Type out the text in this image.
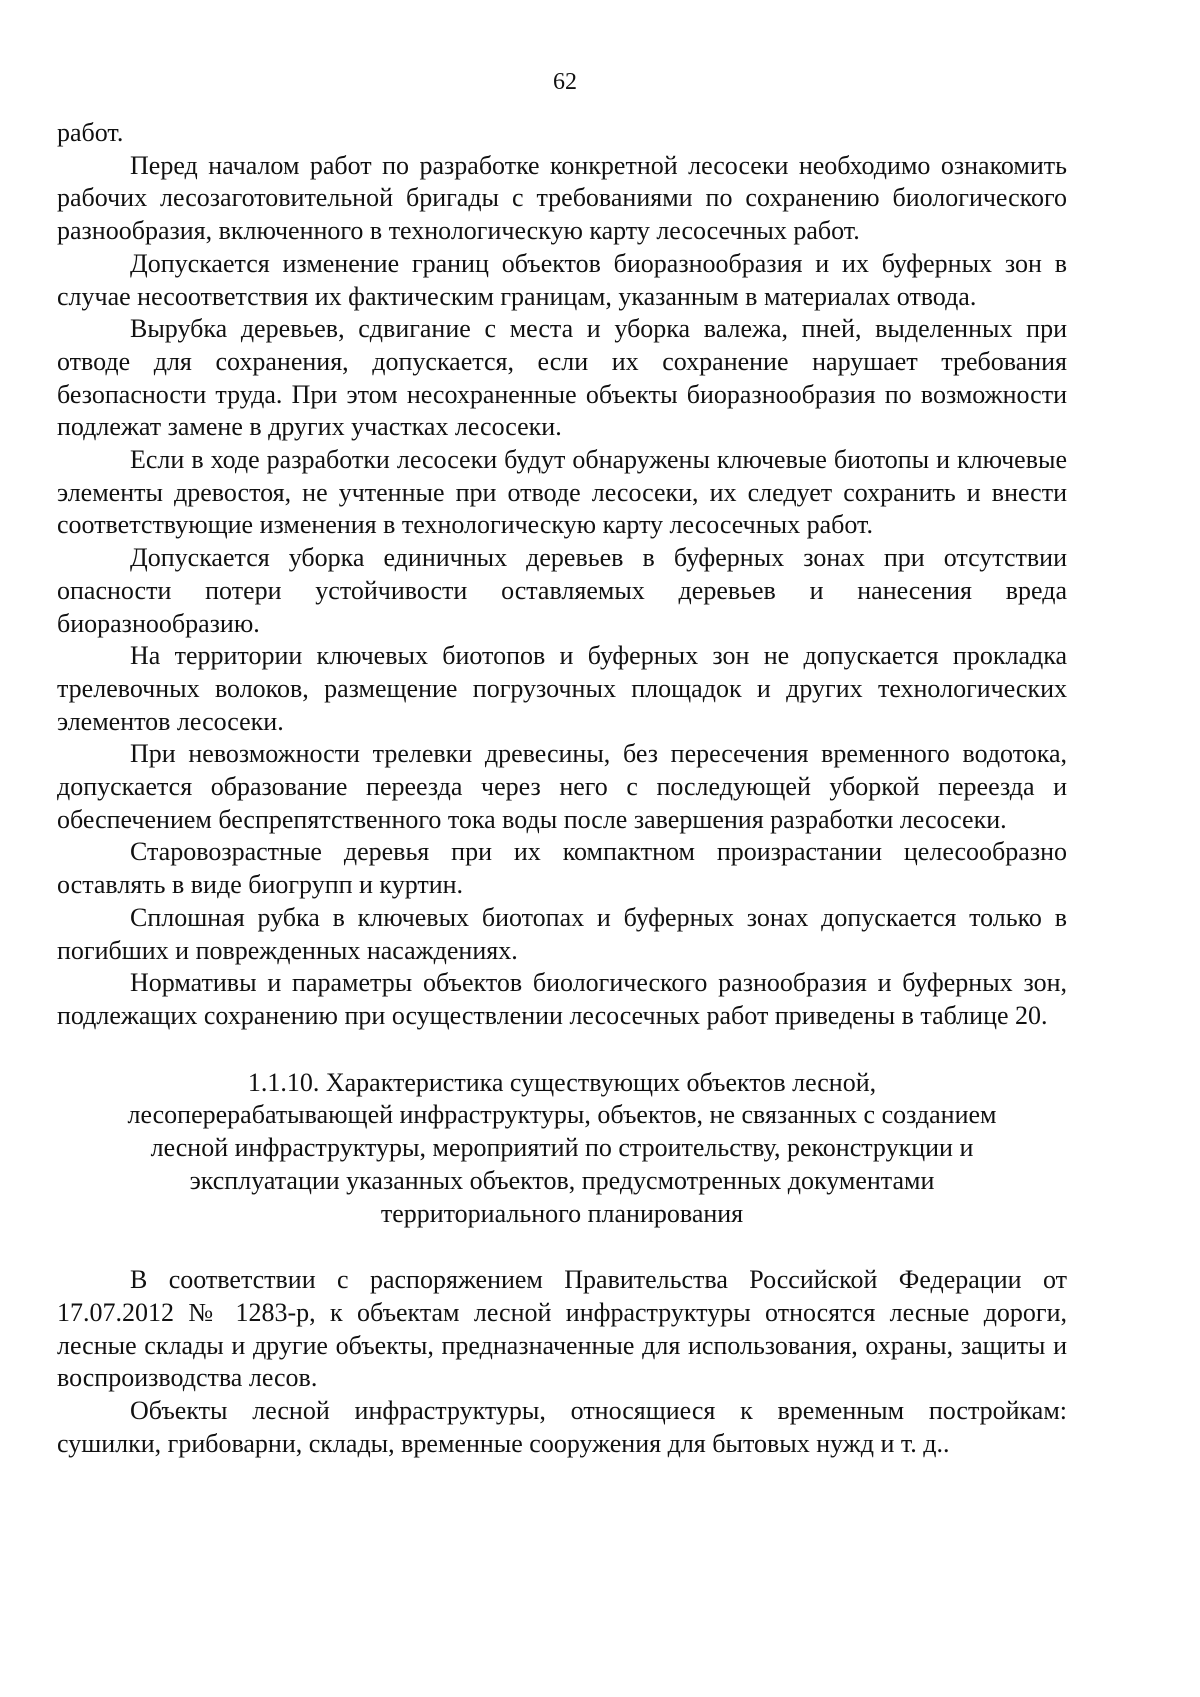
62

работ.

Перед началом работ по разработке конкретной лесосеки необходимо ознакомить рабочих лесозаготовительной бригады с требованиями по сохранению биологического разнообразия, включенного в технологическую карту лесосечных работ.

Допускается изменение границ объектов биоразнообразия и их буферных зон в случае несоответствия их фактическим границам, указанным в материалах отвода.

Вырубка деревьев, сдвигание с места и уборка валежа, пней, выделенных при отводе для сохранения, допускается, если их сохранение нарушает требования безопасности труда. При этом несохраненные объекты биоразнообразия по возможности подлежат замене в других участках лесосеки.

Если в ходе разработки лесосеки будут обнаружены ключевые биотопы и ключевые элементы древостоя, не учтенные при отводе лесосеки, их следует сохранить и внести соответствующие изменения в технологическую карту лесосечных работ.

Допускается уборка единичных деревьев в буферных зонах при отсутствии опасности потери устойчивости оставляемых деревьев и нанесения вреда биоразнообразию.

На территории ключевых биотопов и буферных зон не допускается прокладка трелевочных волоков, размещение погрузочных площадок и других технологических элементов лесосеки.

При невозможности трелевки древесины, без пересечения временного водотока, допускается образование переезда через него с последующей уборкой переезда и обеспечением беспрепятственного тока воды после завершения разработки лесосеки.

Старовозрастные деревья при их компактном произрастании целесообразно оставлять в виде биогрупп и куртин.

Сплошная рубка в ключевых биотопах и буферных зонах допускается только в погибших и поврежденных насаждениях.

Нормативы и параметры объектов биологического разнообразия и буферных зон, подлежащих сохранению при осуществлении лесосечных работ приведены в таблице 20.

1.1.10. Характеристика существующих объектов лесной,
лесоперерабатывающей инфраструктуры, объектов, не связанных с созданием
лесной инфраструктуры, мероприятий по строительству, реконструкции и
эксплуатации указанных объектов, предусмотренных документами
территориального планирования

В соответствии с распоряжением Правительства Российской Федерации от 17.07.2012 № 1283-р, к объектам лесной инфраструктуры относятся лесные дороги, лесные склады и другие объекты, предназначенные для использования, охраны, защиты и воспроизводства лесов.

Объекты лесной инфраструктуры, относящиеся к временным постройкам: сушилки, грибоварни, склады, временные сооружения для бытовых нужд и т. д..
